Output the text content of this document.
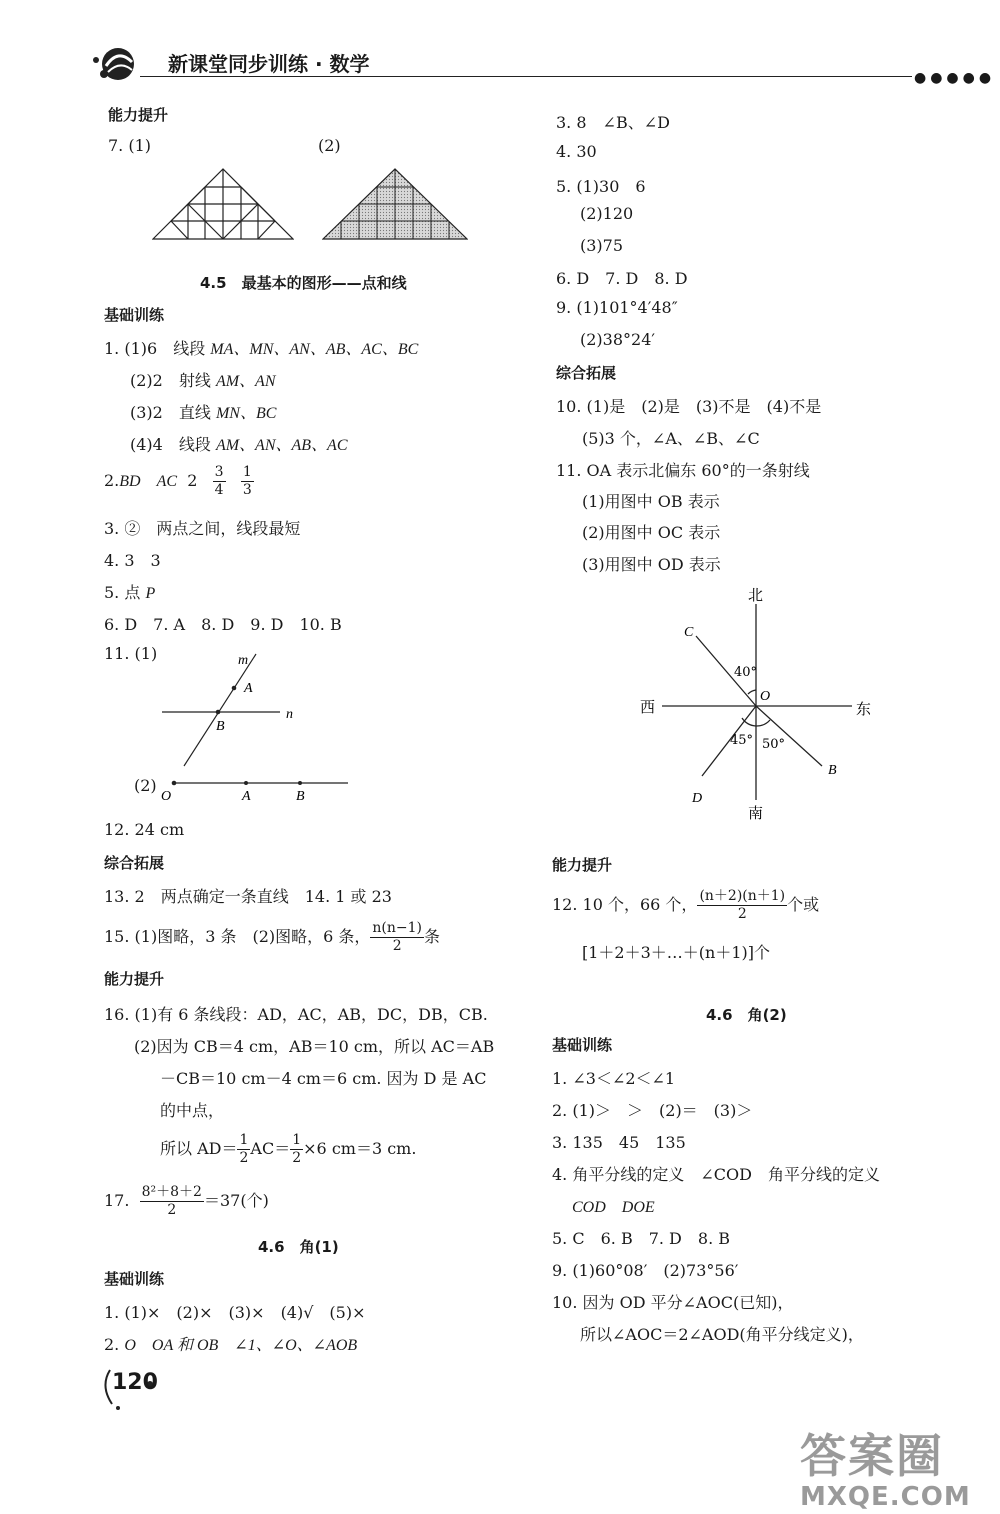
新课堂同步训练 · 数学
●●●●●
能力提升
7. (1)	(2)
4.5　最基本的图形——点和线
基础训练
1. (1)6　线段 MA、MN、AN、AB、AC、BC
(2)2　射线 AM、AN
(3)2　直线 MN、BC
(4)4　线段 AM、AN、AB、AC
2.BD　AC $2 \frac{3}{4}$
$\frac{1}{3}$
3. ②　两点之间，线段最短
4. 3　3
5. 点 P
6. D　7. A　8. D　9. D　10. B
11. (1)	m
A
B
n
(2)
O	A	B
12. 24 cm
综合拓展
13. 2　两点确定一条直线　14. 1 或 23
15. (1)图略，3 条　(2)图略，6 条， $\frac{n(n-1)}{2}$ 条
能力提升
16. (1)有 6 条线段：AD，AC，AB，DC，DB，CB.
(2)因为 CB＝4 cm，AB＝10 cm，所以 AC＝AB
－CB＝10 cm－4 cm＝6 cm. 因为 D 是 AC
的中点，
所以 $AD= \frac{1}{2} AC= \frac{1}{2} \times 6$ cm＝3 cm.
17. $\frac{\text{8²＋8＋2}}{2} =37$(个)
4.6　角(1)
基础训练
1. (1)×　(2)×　(3)×　(4)√　(5)×
2. O　OA 和 OB　∠1、∠O、∠AOB
120
3. 8　∠B、∠D
4. 30
5. (1)30　6
(2)120
(3)75
6. D　7. D　8. D
9. (1)101°4′48″
(2)38°24′
综合拓展
10. (1)是　(2)是　(3)不是　(4)不是
(5)3 个，∠A、∠B、∠C
11. OA 表示北偏东 60°的一条射线
(1)用图中 OB 表示
(2)用图中 OC 表示
(3)用图中 OD 表示
北
南
西	东
C
D
B
O
40°
45° 50°
能力提升
12. 10 个，66 个， $\frac{(n+2)(n+1)}{2}$ 个或
[1＋2＋3＋…＋(n＋1)]个
4.6　角(2)
基础训练
1. ∠3＜∠2＜∠1
2. (1)＞　＞　(2)＝　(3)＞
3. 135　45　135
4. 角平分线的定义　∠COD　角平分线的定义
COD　DOE
5. C　6. B　7. D　8. B
9. (1)60°08′　(2)73°56′
10. 因为 OD 平分∠AOC(已知)，
所以∠AOC＝2∠AOD(角平分线定义)，
答案圈
MXQE.COM
